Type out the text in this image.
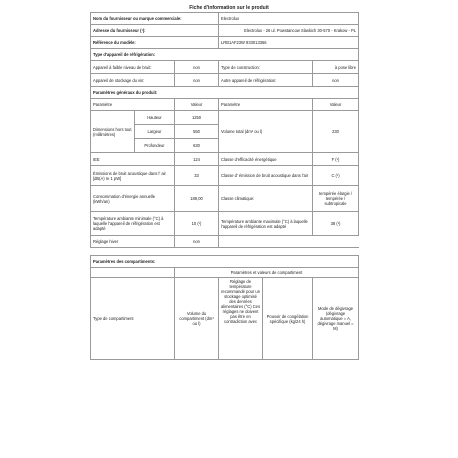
Fiche d'information sur le produit
Nom du fournisseur ou marque commerciale:			Electrolux		
Adresse du fournisseur (¹):			Electrolux - 26 ul. Powstancow Slaskich 30-570 - Krakow - PL		
Référence du modèle:			LRB1AF23W 933013366		
Type d'appareil de réfrigération:					
Appareil à faible niveau de bruit:		non	Type de construction:		à pose libre
Appareil de stockage du vin:		non	Autre appareil de réfrigération:		non
Paramètres généraux du produit:					
Paramètre		Valeur	Paramètre		Valeur
Dimensions hors tout (millimètres)	Hauteur	1250	Volume total (dm³ ou l)		230
	Largeur	550			
	Profondeur	630			
IEE		124	Classe d'efficacité énergétique		F (¹)
Émissions de bruit acoustique dans l' air [dB(A) re 1 pW]		33	Classe d' émission de bruit acoustique dans l'air		C (¹)
Consommation d'énergie annuelle (kWh/an)		189,00	Classe climatique:		tempérée élargie / tempérée / subtropicale
Température ambiante minimale (°C) à laquelle l'appareil de réfrigération est adapté		10 (¹)	Température ambiante maximale (°C) à laquelle l'appareil de réfrigération est adapté		38 (¹)
Réglage hiver		non			

Paramètres des compartiments:					
		Paramètres et valeurs de compartiment			
Type de compartiment		Volume du compartiment (dm³ ou l)	Réglage de température recommandé pour un stockage optimisé des denrées alimentaires (°C) Ces réglages ne doivent pas être en contradiction avec	Pouvoir de congélation spécifique (kg/24 h)	Mode de dégivrage (dégivrage automatique = A, dégivrage manuel = M)
